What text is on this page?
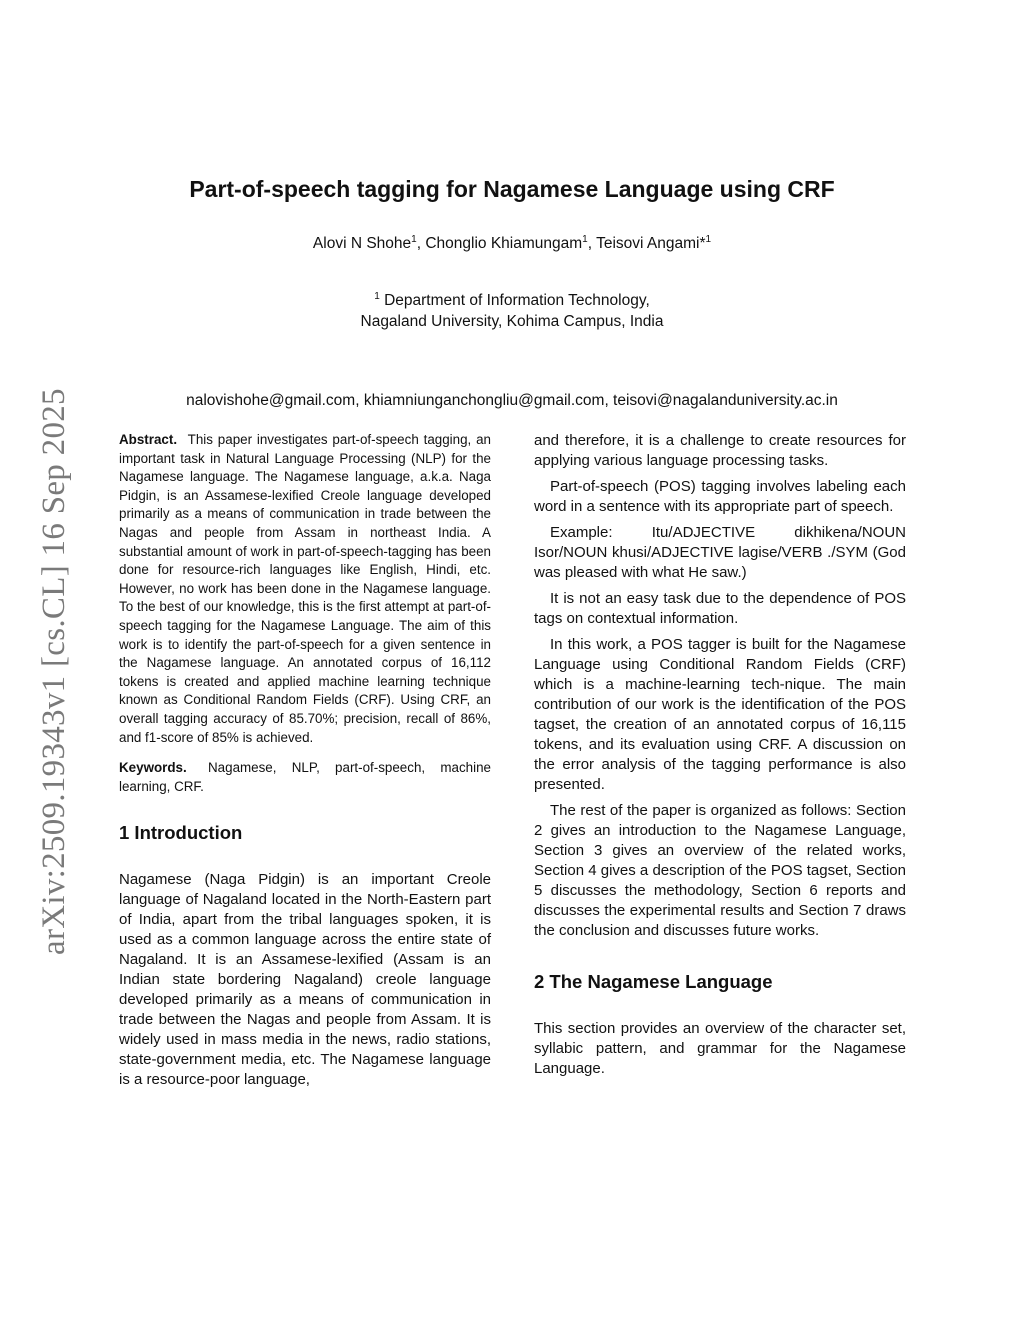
arXiv:2509.19343v1 [cs.CL] 16 Sep 2025
Part-of-speech tagging for Nagamese Language using CRF
Alovi N Shohe$^1$, Chonglio Khiamungam$^1$, Teisovi Angami*$^1$
$^1$ Department of Information Technology,
Nagaland University, Kohima Campus, India
nalovishohe@gmail.com, khiamniunganchongliu@gmail.com, teisovi@nagalanduniversity.ac.in

Abstract. This paper investigates part-of-speech tagging, an important task in Natural Language Processing (NLP) for the Nagamese language. The Nagamese language, a.k.a. Naga Pidgin, is an Assamese-lexified Creole language developed primarily as a means of communication in trade between the Nagas and people from Assam in northeast India. A substantial amount of work in part-of-speech-tagging has been done for resource-rich languages like English, Hindi, etc. However, no work has been done in the Nagamese language. To the best of our knowledge, this is the first attempt at part-of-speech tagging for the Nagamese Language. The aim of this work is to identify the part-of-speech for a given sentence in the Nagamese language. An annotated corpus of 16,112 tokens is created and applied machine learning technique known as Conditional Random Fields (CRF). Using CRF, an overall tagging accuracy of 85.70%; precision, recall of 86%, and f1-score of 85% is achieved.

Keywords. Nagamese, NLP, part-of-speech, machine learning, CRF.

1 Introduction

Nagamese (Naga Pidgin) is an important Creole language of Nagaland located in the North-Eastern part of India, apart from the tribal languages spoken, it is used as a common language across the entire state of Nagaland. It is an Assamese-lexified (Assam is an Indian state bordering Nagaland) creole language developed primarily as a means of communication in trade between the Nagas and people from Assam. It is widely used in mass media in the news, radio stations, state-government media, etc. The Nagamese language is a resource-poor language,

and therefore, it is a challenge to create resources for applying various language processing tasks.

Part-of-speech (POS) tagging involves labeling each word in a sentence with its appropriate part of speech.

Example: Itu/ADJECTIVE dikhikena/NOUN Isor/NOUN khusi/ADJECTIVE lagise/VERB ./SYM (God was pleased with what He saw.)

It is not an easy task due to the dependence of POS tags on contextual information.

In this work, a POS tagger is built for the Nagamese Language using Conditional Random Fields (CRF) which is a machine-learning tech-nique. The main contribution of our work is the identification of the POS tagset, the creation of an annotated corpus of 16,115 tokens, and its evaluation using CRF. A discussion on the error analysis of the tagging performance is also presented.

The rest of the paper is organized as follows: Section 2 gives an introduction to the Nagamese Language, Section 3 gives an overview of the related works, Section 4 gives a description of the POS tagset, Section 5 discusses the methodology, Section 6 reports and discusses the experimental results and Section 7 draws the conclusion and discusses future works.

2 The Nagamese Language

This section provides an overview of the character set, syllabic pattern, and grammar for the Nagamese Language.
